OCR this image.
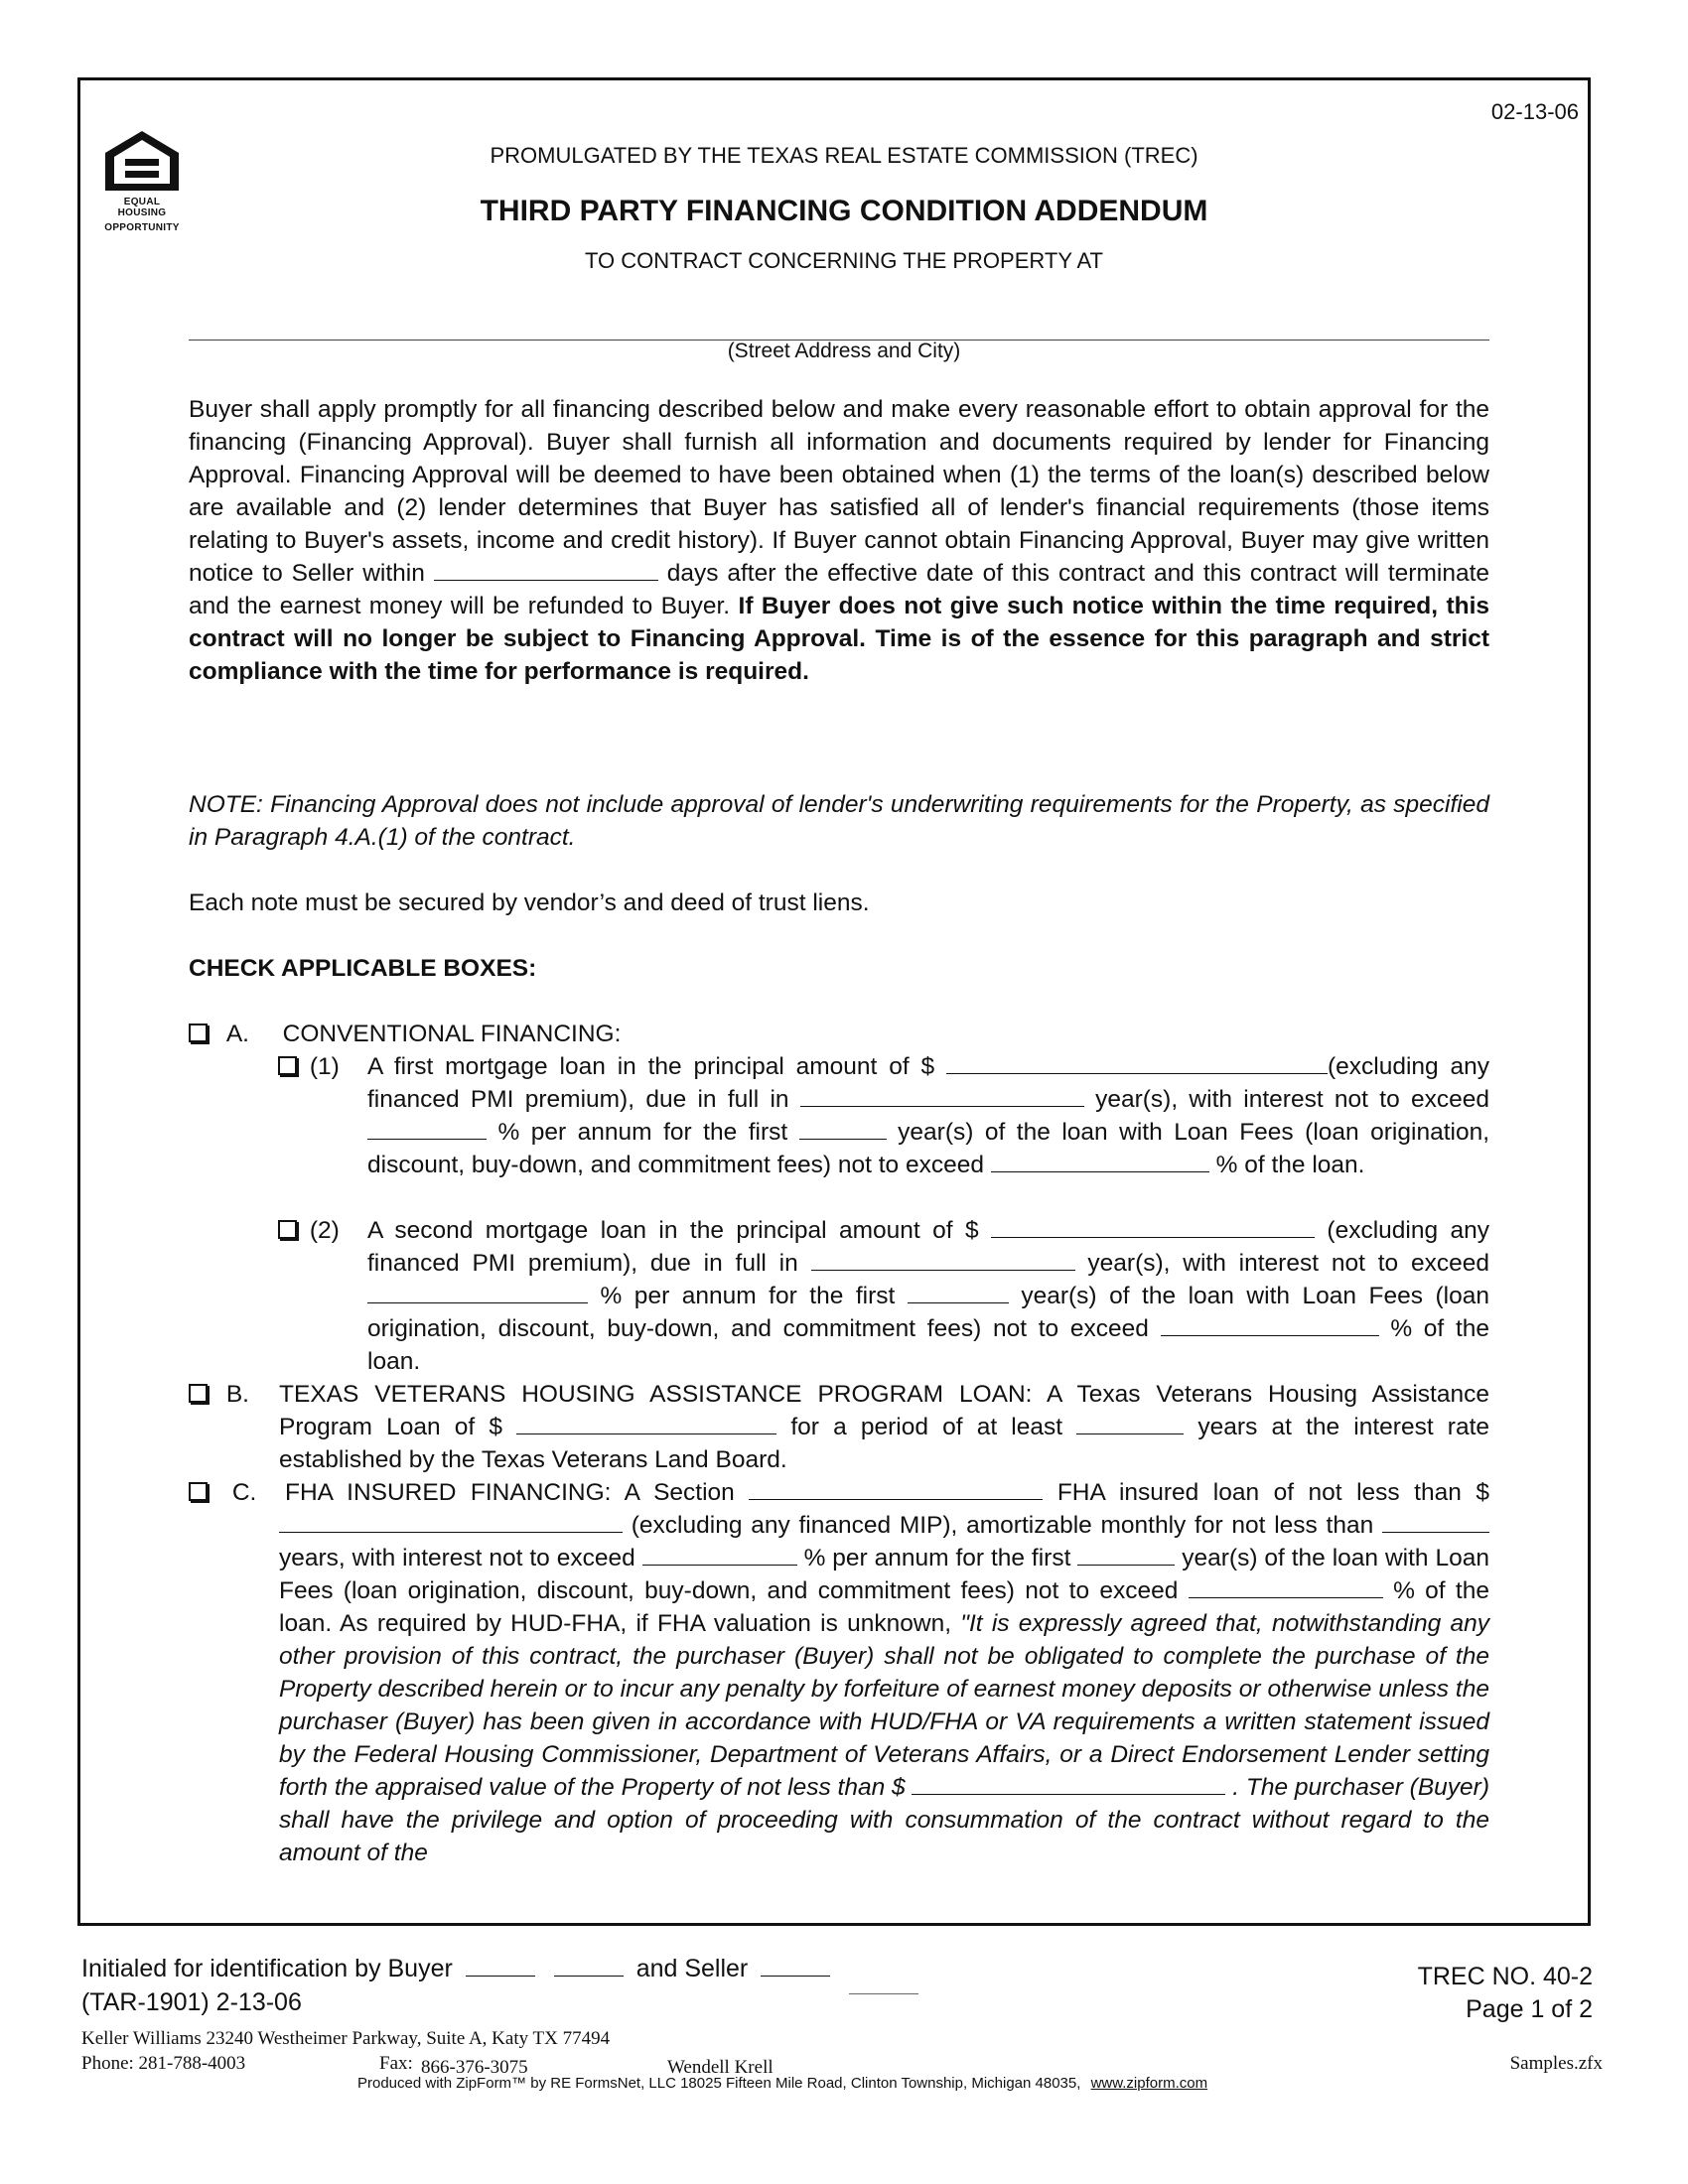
02-13-06
EQUAL HOUSING
OPPORTUNITY
PROMULGATED BY THE TEXAS REAL ESTATE COMMISSION (TREC)
THIRD PARTY FINANCING CONDITION ADDENDUM
TO CONTRACT CONCERNING THE PROPERTY AT
(Street Address and City)
Buyer shall apply promptly for all financing described below and make every reasonable effort to obtain approval for the financing (Financing Approval). Buyer shall furnish all information and documents required by lender for Financing Approval. Financing Approval will be deemed to have been obtained when (1) the terms of the loan(s) described below are available and (2) lender determines that Buyer has satisfied all of lender's financial requirements (those items relating to Buyer's assets, income and credit history). If Buyer cannot obtain Financing Approval, Buyer may give written notice to Seller within	days after the effective date of this contract and this contract will terminate and the earnest money will be refunded to Buyer. If Buyer does not give such notice within the time required, this contract will no longer be subject to Financing Approval. Time is of the essence for this paragraph and strict compliance with the time for performance is required.
NOTE: Financing Approval does not include approval of lender's underwriting requirements for the Property, as specified in Paragraph 4.A.(1) of the contract.
Each note must be secured by vendor’s and deed of trust liens.
CHECK APPLICABLE BOXES:
A. CONVENTIONAL FINANCING:
(1) A first mortgage loan in the principal amount of $	(excluding any financed PMI premium), due in full in	year(s), with interest not to exceed  % per annum for the first	year(s) of the loan with Loan Fees (loan origination, discount, buy-down, and commitment fees) not to exceed	% of the loan.
(2) A second mortgage loan in the principal amount of $	(excluding any financed PMI premium), due in full in	year(s), with interest not to exceed  % per annum for the first	year(s) of the loan with Loan Fees (loan origination, discount, buy-down, and commitment fees) not to exceed	% of the loan.
B. TEXAS VETERANS HOUSING ASSISTANCE PROGRAM LOAN: A Texas Veterans Housing Assistance Program Loan of $	for a period of at least	years at the interest rate established by the Texas Veterans Land Board.
C. FHA INSURED FINANCING: A Section	FHA insured loan of not less than $  (excluding any financed MIP), amortizable monthly for not less than  years, with interest not to exceed	% per annum for the first	year(s) of the loan with Loan Fees (loan origination, discount, buy-down, and commitment fees) not to exceed	% of the loan. As required by HUD-FHA, if FHA valuation is unknown, "It is expressly agreed that, notwithstanding any other provision of this contract, the purchaser (Buyer) shall not be obligated to complete the purchase of the Property described herein or to incur any penalty by forfeiture of earnest money deposits or otherwise unless the purchaser (Buyer) has been given in accordance with HUD/FHA or VA requirements a written statement issued by the Federal Housing Commissioner, Department of Veterans Affairs, or a Direct Endorsement Lender setting forth the appraised value of the Property of not less than $	. The purchaser (Buyer) shall have the privilege and option of proceeding with consummation of the contract without regard to the amount of the
Initialed for identification by Buyer	and Seller
(TAR-1901) 2-13-06
TREC NO. 40-2
Page 1 of 2
Keller Williams 23240 Westheimer Parkway, Suite A, Katy TX 77494
Phone: 281-788-4003	Fax: 866-376-3075	Wendell Krell	Samples.zfx
Produced with ZipForm™ by RE FormsNet, LLC 18025 Fifteen Mile Road, Clinton Township, Michigan 48035, www.zipform.com
